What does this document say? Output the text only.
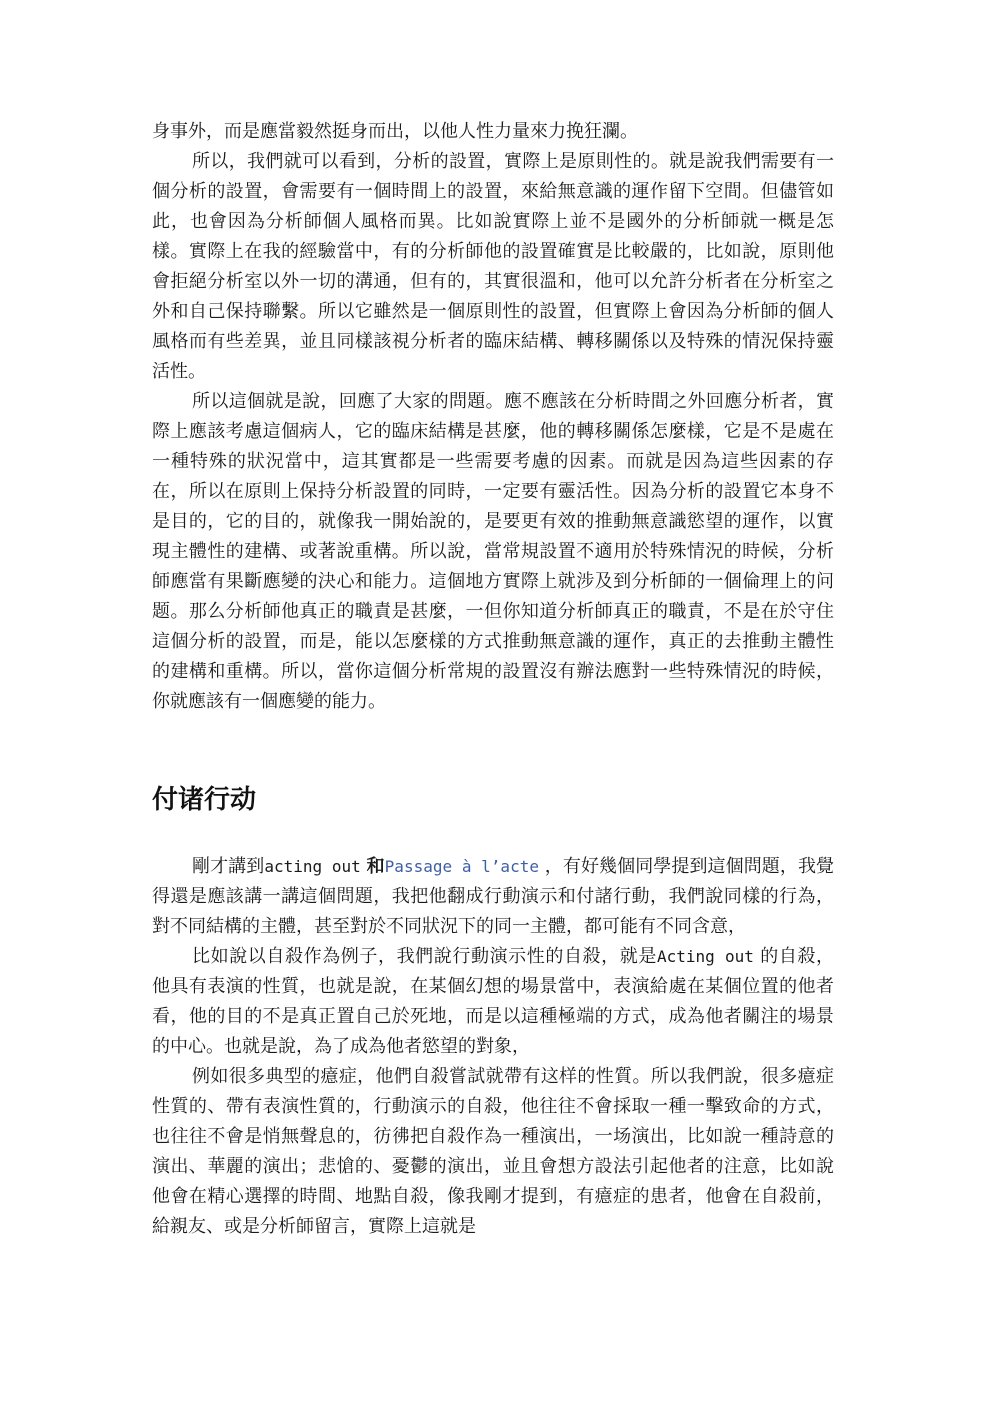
身事外，而是應當毅然挺身而出，以他人性力量來力挽狂瀾。

所以，我們就可以看到，分析的設置，實際上是原則性的。就是說我們需要有一個分析的設置，會需要有一個時間上的設置，來給無意識的運作留下空間。但儘管如此，也會因為分析師個人風格而異。比如說實際上並不是國外的分析師就一概是怎樣。實際上在我的經驗當中，有的分析師他的設置確實是比較嚴的，比如說，原則他會拒絕分析室以外一切的溝通，但有的，其實很溫和，他可以允許分析者在分析室之外和自己保持聯繫。所以它雖然是一個原則性的設置，但實際上會因為分析師的個人風格而有些差異，並且同樣該視分析者的臨床結構、轉移關係以及特殊的情況保持靈活性。

所以這個就是說，回應了大家的問題。應不應該在分析時間之外回應分析者，實際上應該考慮這個病人，它的臨床結構是甚麼，他的轉移關係怎麼樣，它是不是處在一種特殊的狀況當中，這其實都是一些需要考慮的因素。而就是因為這些因素的存在，所以在原則上保持分析設置的同時，一定要有靈活性。因為分析的設置它本身不是目的，它的目的，就像我一開始說的，是要更有效的推動無意識慾望的運作，以實現主體性的建構、或著說重構。所以說，當常規設置不適用於特殊情況的時候，分析師應當有果斷應變的決心和能力。這個地方實際上就涉及到分析師的一個倫理上的问题。那么分析師他真正的職責是甚麼，一但你知道分析師真正的職責，不是在於守住這個分析的設置，而是，能以怎麼樣的方式推動無意識的運作，真正的去推動主體性的建構和重構。所以，當你這個分析常規的設置沒有辦法應對一些特殊情況的時候，你就應該有一個應變的能力。

付诸行动

剛才講到acting out 和Passage à l’acte ，有好幾個同學提到這個問題，我覺得還是應該講一講這個問題，我把他翻成行動演示和付諸行動，我們說同樣的行為，對不同結構的主體，甚至對於不同狀況下的同一主體，都可能有不同含意，

比如說以自殺作為例子，我們說行動演示性的自殺，就是Acting out 的自殺，他具有表演的性質，也就是說，在某個幻想的場景當中，表演給處在某個位置的他者看，他的目的不是真正置自己於死地，而是以這種極端的方式，成為他者關注的場景的中心。也就是說，為了成為他者慾望的對象，

例如很多典型的癔症，他們自殺嘗試就帶有这样的性質。所以我們說，很多癔症性質的、帶有表演性質的，行動演示的自殺，他往往不會採取一種一擊致命的方式，也往往不會是悄無聲息的，彷彿把自殺作為一種演出，一场演出，比如說一種詩意的演出、華麗的演出；悲愴的、憂鬱的演出，並且會想方設法引起他者的注意，比如說他會在精心選擇的時間、地點自殺，像我剛才提到，有癔症的患者，他會在自殺前，給親友、或是分析師留言，實際上這就是
